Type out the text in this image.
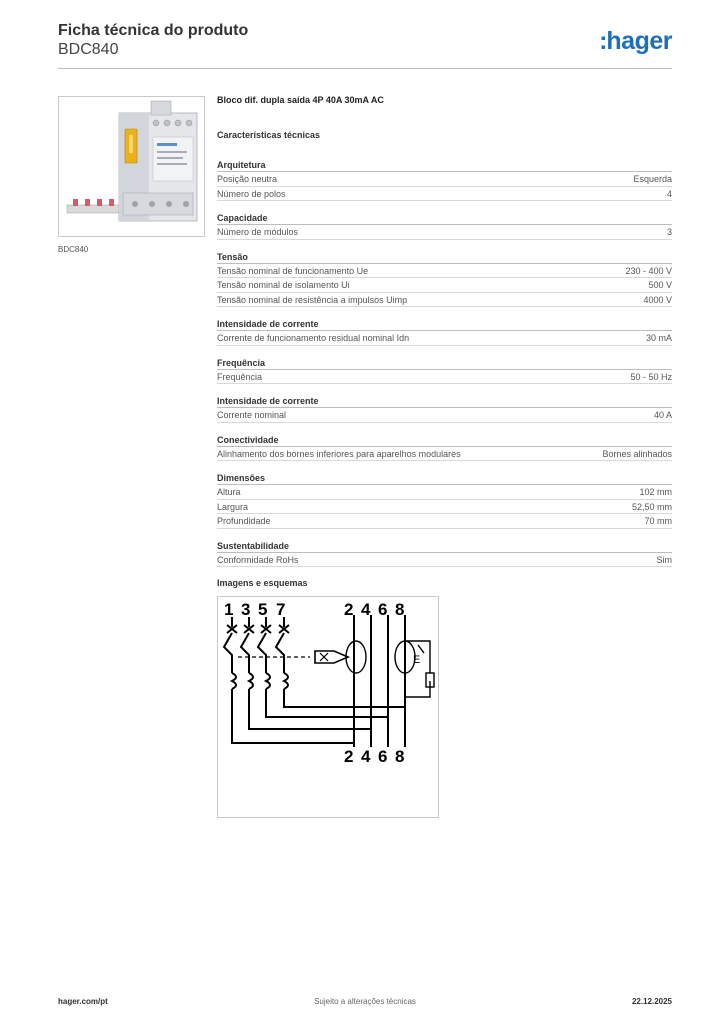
Ficha técnica do produto
BDC840	:hager
BDC840
Bloco dif. dupla saída 4P 40A 30mA AC
Características técnicas
Arquitetura
Posição neutra	Esquerda
Número de polos	4
Capacidade
Número de módulos	3
Tensão
Tensão nominal de funcionamento Ue	230 - 400 V
Tensão nominal de isolamento Ui	500 V
Tensão nominal de resistência a impulsos Uimp	4000 V
Intensidade de corrente
Corrente de funcionamento residual nominal Idn	30 mA
Frequência
Frequência	50 - 50 Hz
Intensidade de corrente
Corrente nominal	40 A
Conectividade
Alinhamento dos bornes inferiores para aparelhos modulares	Bornes alinhados
Dimensões
Altura	102 mm
Largura	52,50 mm
Profundidade	70 mm
Sustentabilidade
Conformidade RoHs	Sim
Imagens e esquemas
1 3 5 7	2 4 6 8
2 4 6 8
E
Sujeito a alterações técnicas
hager.com/pt	22.12.2025
